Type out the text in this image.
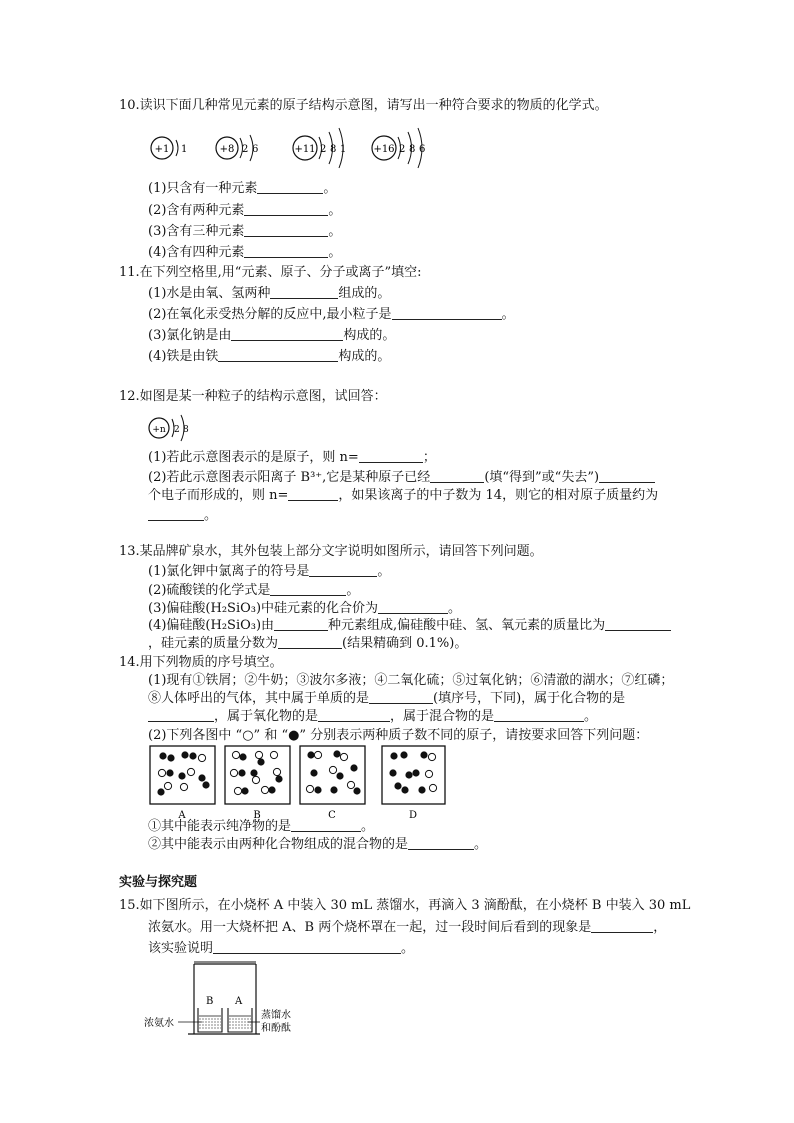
10.读识下面几种常见元素的原子结构示意图，请写出一种符合要求的物质的化学式。
+1 1	+8 2 6	+11 2 8 1	+16 2 8 6
(1)只含有一种元素	。
(2)含有两种元素	。
(3)含有三种元素	。
(4)含有四种元素	。
11.在下列空格里,用“元素、原子、分子或离子”填空:
(1)水是由氧、氢两种	组成的。
(2)在氧化汞受热分解的反应中,最小粒子是	。
(3)氯化钠是由	构成的。
(4)铁是由铁	构成的。
12.如图是某一种粒子的结构示意图，试回答：
+n 2 8
(1)若此示意图表示的是原子，则 n=	；
(2)若此示意图表示阳离子 B³⁺,它是某种原子已经	(填“得到”或“失去”)
个电子而形成的，则 n=	，如果该离子的中子数为 14，则它的相对原子质量约为
。
13.某品牌矿泉水，其外包装上部分文字说明如图所示，请回答下列问题。
(1)氯化钾中氯离子的符号是	。
(2)硫酸镁的化学式是	。
(3)偏硅酸(H₂SiO₃)中硅元素的化合价为	。
(4)偏硅酸(H₂SiO₃)由	种元素组成,偏硅酸中硅、氢、氧元素的质量比为
，硅元素的质量分数为	(结果精确到 0.1%)。
14.用下列物质的序号填空。
(1)现有①铁屑；②牛奶；③波尔多液；④二氧化硫；⑤过氧化钠；⑥清澈的湖水；⑦红磷；
⑧人体呼出的气体，其中属于单质的是	(填序号，下同)，属于化合物的是
，属于氧化物的是	，属于混合物的是	。
(2)下列各图中 “○” 和 “●” 分别表示两种质子数不同的原子，请按要求回答下列问题：
A	B	C	D
①其中能表示纯净物的是	。
②其中能表示由两种化合物组成的混合物的是	。
实验与探究题
15.如下图所示，在小烧杯 A 中装入 30 mL 蒸馏水，再滴入 3 滴酚酞，在小烧杯 B 中装入 30 mL
浓氨水。用一大烧杯把 A、B 两个烧杯罩在一起，过一段时间后看到的现象是	，
该实验说明	。
B A
浓氨水
蒸馏水
和酚酞
